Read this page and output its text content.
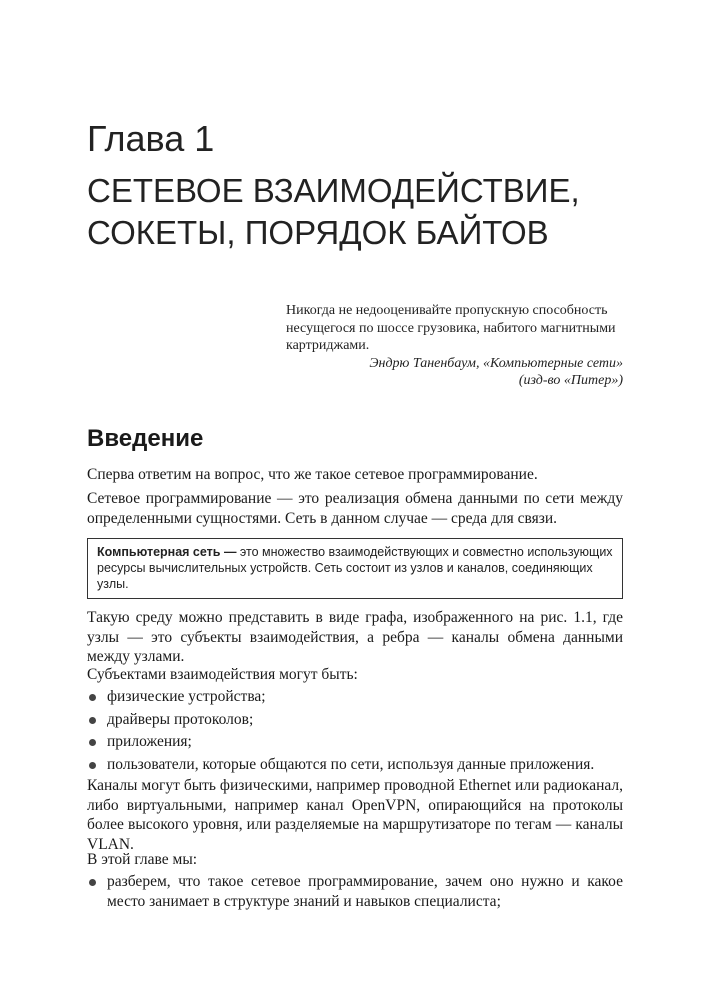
Глава 1
СЕТЕВОЕ ВЗАИМОДЕЙСТВИЕ,
СОКЕТЫ, ПОРЯДОК БАЙТОВ

Никогда не недооценивайте пропускную способность несущегося по шоссе грузовика, набитого магнитными картриджами.

Эндрю Таненбаум, «Компьютерные сети»

(изд-во «Питер»)

Введение

Сперва ответим на вопрос, что же такое сетевое программирование.

Сетевое программирование — это реализация обмена данными по сети между определенными сущностями. Сеть в данном случае — среда для связи.

Компьютерная сеть — это множество взаимодействующих и совместно использующих ресурсы вычислительных устройств. Сеть состоит из узлов и каналов, соединяющих узлы.

Такую среду можно представить в виде графа, изображенного на рис. 1.1, где узлы — это субъекты взаимодействия, а ребра — каналы обмена данными между узлами.

Субъектами взаимодействия могут быть:

физические устройства;
драйверы протоколов;
приложения;
пользователи, которые общаются по сети, используя данные приложения.

Каналы могут быть физическими, например проводной Ethernet или радиоканал, либо виртуальными, например канал OpenVPN, опирающийся на протоколы более высокого уровня, или разделяемые на маршрутизаторе по тегам — каналы VLAN.

В этой главе мы:

разберем, что такое сетевое программирование, зачем оно нужно и какое место занимает в структуре знаний и навыков специалиста;
